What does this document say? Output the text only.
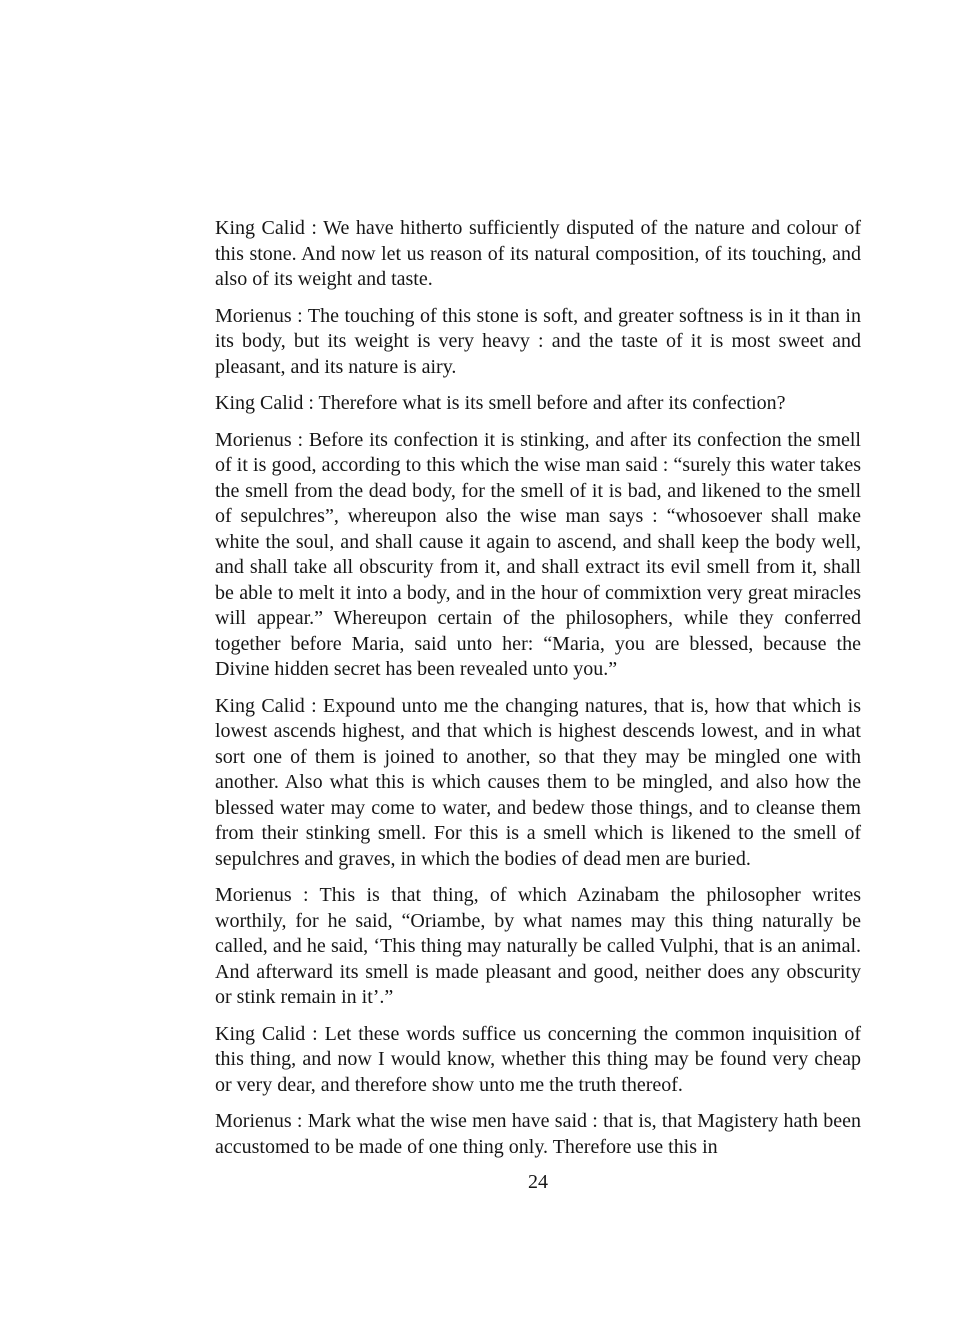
King Calid : We have hitherto sufficiently disputed of the nature and colour of this stone. And now let us reason of its natural composition, of its touching, and also of its weight and taste.

Morienus : The touching of this stone is soft, and greater softness is in it than in its body, but its weight is very heavy : and the taste of it is most sweet and pleasant, and its nature is airy.

King Calid : Therefore what is its smell before and after its confection?

Morienus : Before its confection it is stinking, and after its confection the smell of it is good, according to this which the wise man said : “surely this water takes the smell from the dead body, for the smell of it is bad, and likened to the smell of sepulchres”, whereupon also the wise man says : “whosoever shall make white the soul, and shall cause it again to ascend, and shall keep the body well, and shall take all obscurity from it, and shall extract its evil smell from it, shall be able to melt it into a body, and in the hour of commixtion very great miracles will appear.” Whereupon certain of the philosophers, while they conferred together before Maria, said unto her: “Maria, you are blessed, because the Divine hidden secret has been revealed unto you.”

King Calid : Expound unto me the changing natures, that is, how that which is lowest ascends highest, and that which is highest descends lowest, and in what sort one of them is joined to another, so that they may be mingled one with another. Also what this is which causes them to be mingled, and also how the blessed water may come to water, and bedew those things, and to cleanse them from their stinking smell. For this is a smell which is likened to the smell of sepulchres and graves, in which the bodies of dead men are buried.

Morienus : This is that thing, of which Azinabam the philosopher writes worthily, for he said, “Oriambe, by what names may this thing naturally be called, and he said, ‘This thing may naturally be called Vulphi, that is an animal. And afterward its smell is made pleasant and good, neither does any obscurity or stink remain in it’.”

King Calid : Let these words suffice us concerning the common inquisition of this thing, and now I would know, whether this thing may be found very cheap or very dear, and therefore show unto me the truth thereof.

Morienus : Mark what the wise men have said : that is, that Magistery hath been accustomed to be made of one thing only. Therefore use this in

24
